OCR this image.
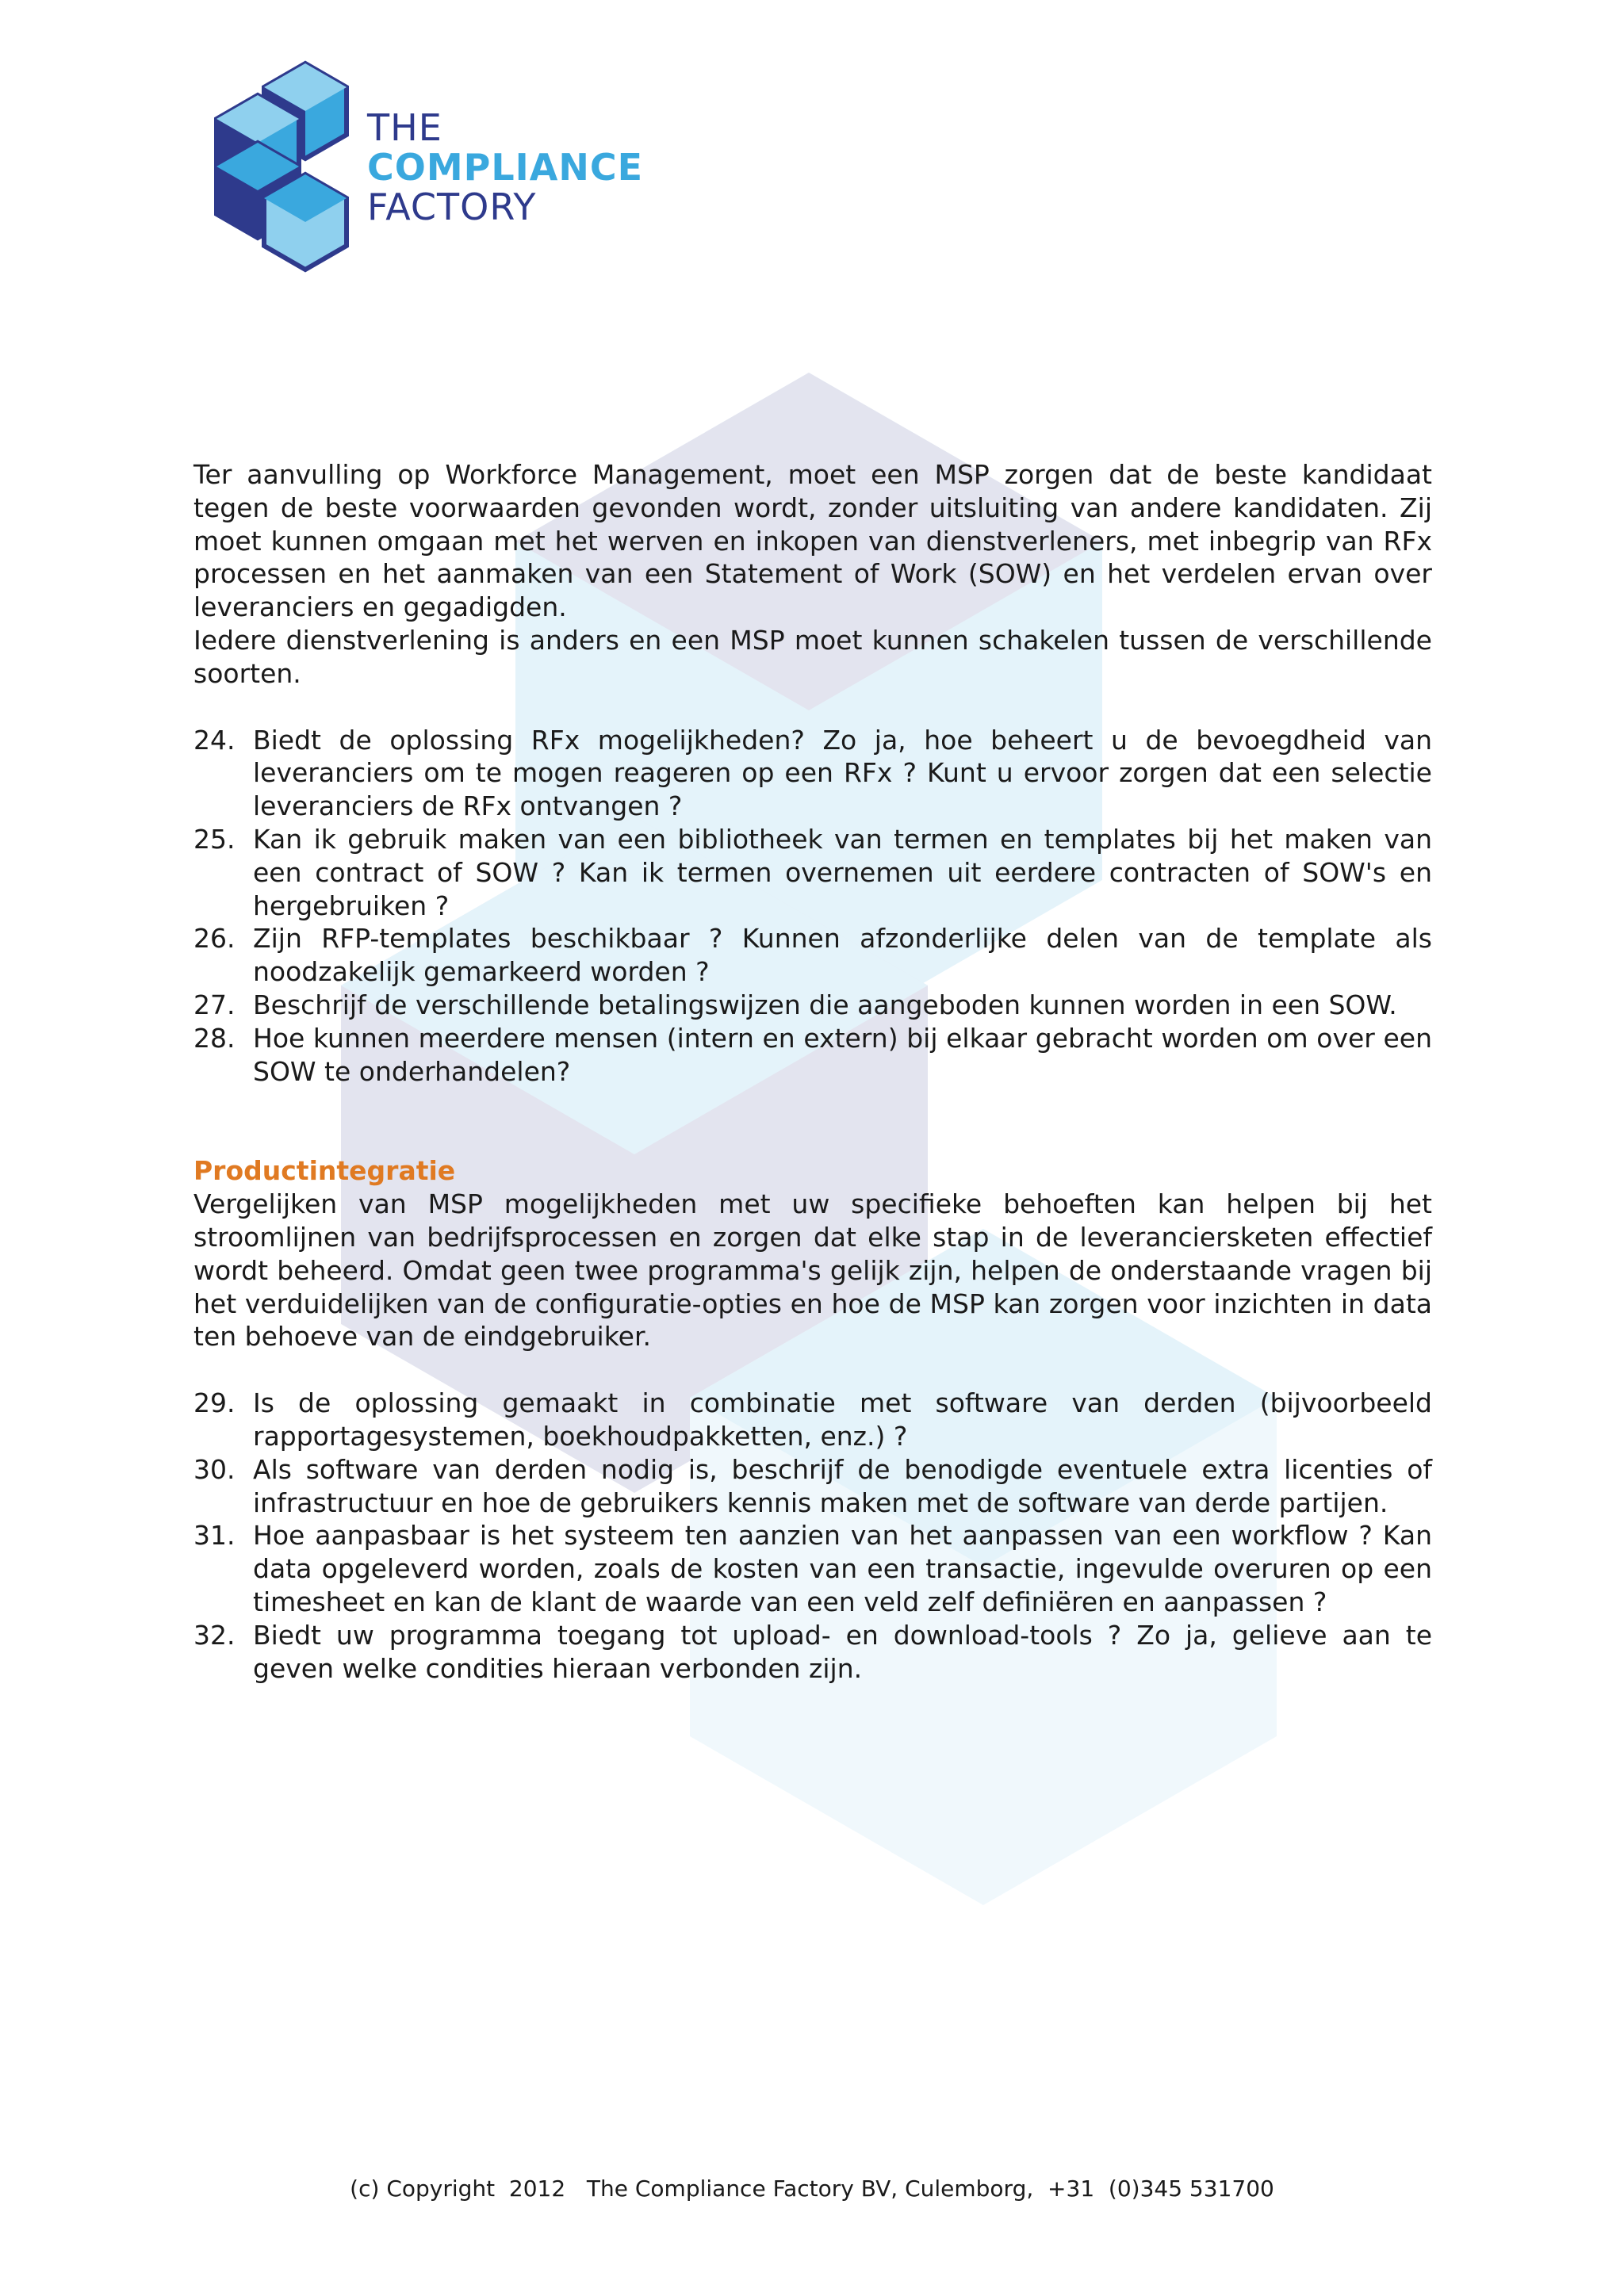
THE
COMPLIANCE
FACTORY

Ter aanvulling op Workforce Management, moet een MSP zorgen dat de beste kandidaat tegen de beste voorwaarden gevonden wordt, zonder uitsluiting van andere kandidaten. Zij moet kunnen omgaan met het werven en inkopen van dienstverleners, met inbegrip van RFx processen en het aanmaken van een Statement of Work (SOW) en het verdelen ervan over leveranciers en gegadigden.

Iedere dienstverlening is anders en een MSP moet kunnen schakelen tussen de verschillende soorten.

24. Biedt de oplossing RFx mogelijkheden? Zo ja, hoe beheert u de bevoegdheid van leveranciers om te mogen reageren op een RFx ? Kunt u ervoor zorgen dat een selectie leveranciers de RFx ontvangen ?
25. Kan ik gebruik maken van een bibliotheek van termen en templates bij het maken van een contract of SOW ? Kan ik termen overnemen uit eerdere contracten of SOW's en hergebruiken ?
26. Zijn RFP-templates beschikbaar ? Kunnen afzonderlijke delen van de template als noodzakelijk gemarkeerd worden ?
27. Beschrijf de verschillende betalingswijzen die aangeboden kunnen worden in een SOW.
28. Hoe kunnen meerdere mensen (intern en extern) bij elkaar gebracht worden om over een SOW te onderhandelen?

Productintegratie

Vergelijken van MSP mogelijkheden met uw specifieke behoeften kan helpen bij het stroomlijnen van bedrijfsprocessen en zorgen dat elke stap in de leveranciersketen effectief wordt beheerd. Omdat geen twee programma's gelijk zijn, helpen de onderstaande vragen bij het verduidelijken van de configuratie-opties en hoe de MSP kan zorgen voor inzichten in data ten behoeve van de eindgebruiker.

29. Is de oplossing gemaakt in combinatie met software van derden (bijvoorbeeld rapportagesystemen, boekhoudpakketten, enz.) ?
30. Als software van derden nodig is, beschrijf de benodigde eventuele extra licenties of infrastructuur en hoe de gebruikers kennis maken met de software van derde partijen.
31. Hoe aanpasbaar is het systeem ten aanzien van het aanpassen van een workflow ? Kan data opgeleverd worden, zoals de kosten van een transactie, ingevulde overuren op een timesheet en kan de klant de waarde van een veld zelf definiëren en aanpassen ?
32. Biedt uw programma toegang tot upload- en download-tools ? Zo ja, gelieve aan te geven welke condities hieraan verbonden zijn.
(c) Copyright  2012   The Compliance Factory BV, Culemborg,  +31  (0)345 531700
